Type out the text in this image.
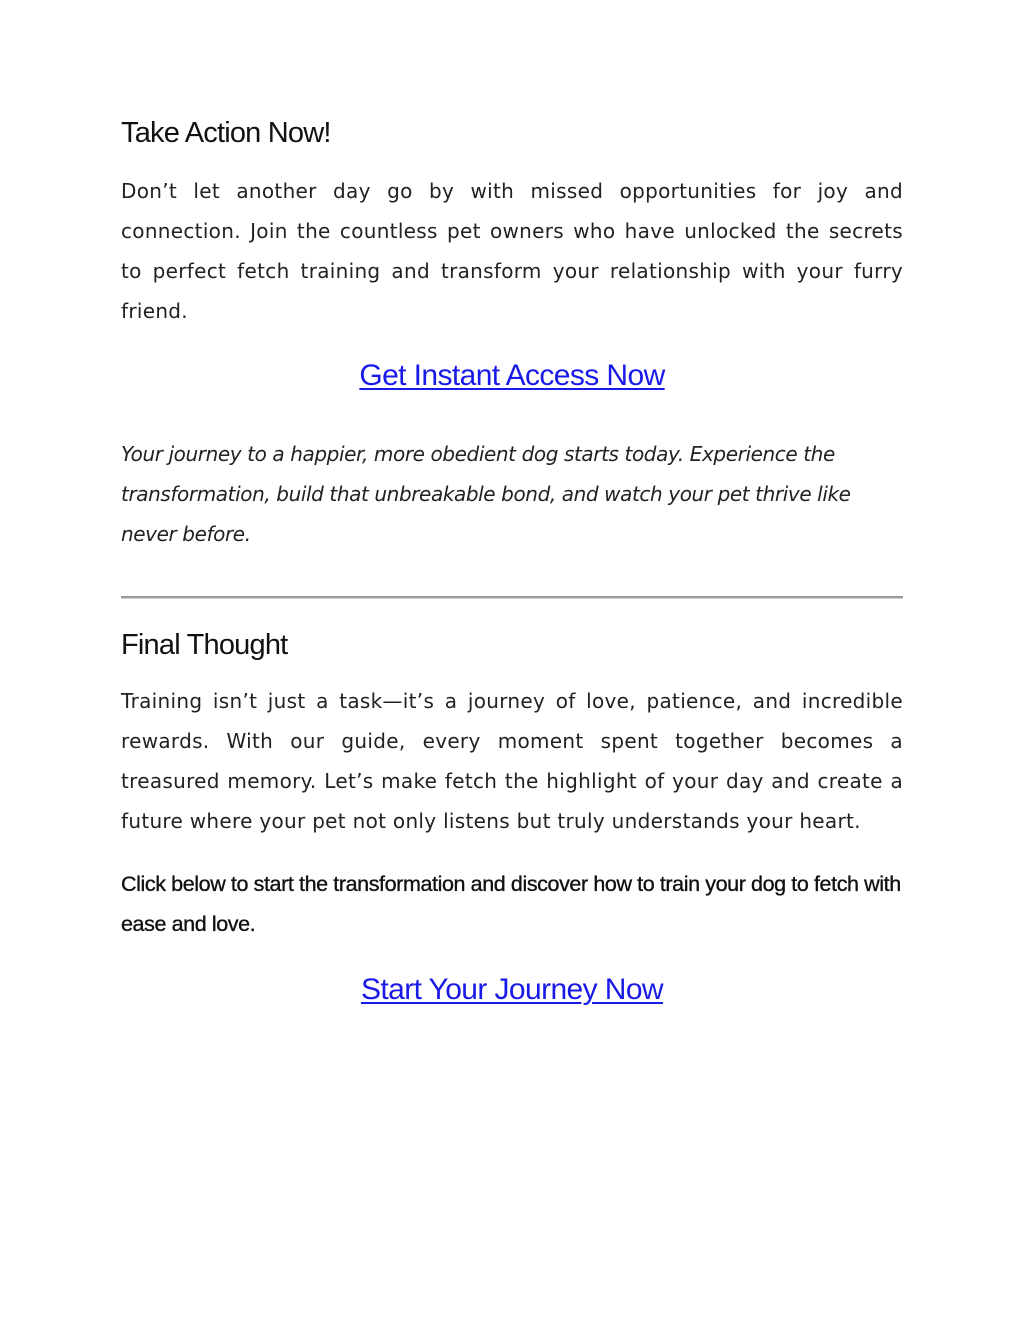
Take Action Now!

Don’t let another day go by with missed opportunities for joy and connection. Join the countless pet owners who have unlocked the secrets to perfect fetch training and transform your relationship with your furry friend.

Get Instant Access Now

Your journey to a happier, more obedient dog starts today. Experience the transformation, build that unbreakable bond, and watch your pet thrive like never before.

Final Thought

Training isn’t just a task—it’s a journey of love, patience, and incredible rewards. With our guide, every moment spent together becomes a treasured memory. Let’s make fetch the highlight of your day and create a future where your pet not only listens but truly understands your heart.

Click below to start the transformation and discover how to train your dog to fetch with ease and love.

Start Your Journey Now
